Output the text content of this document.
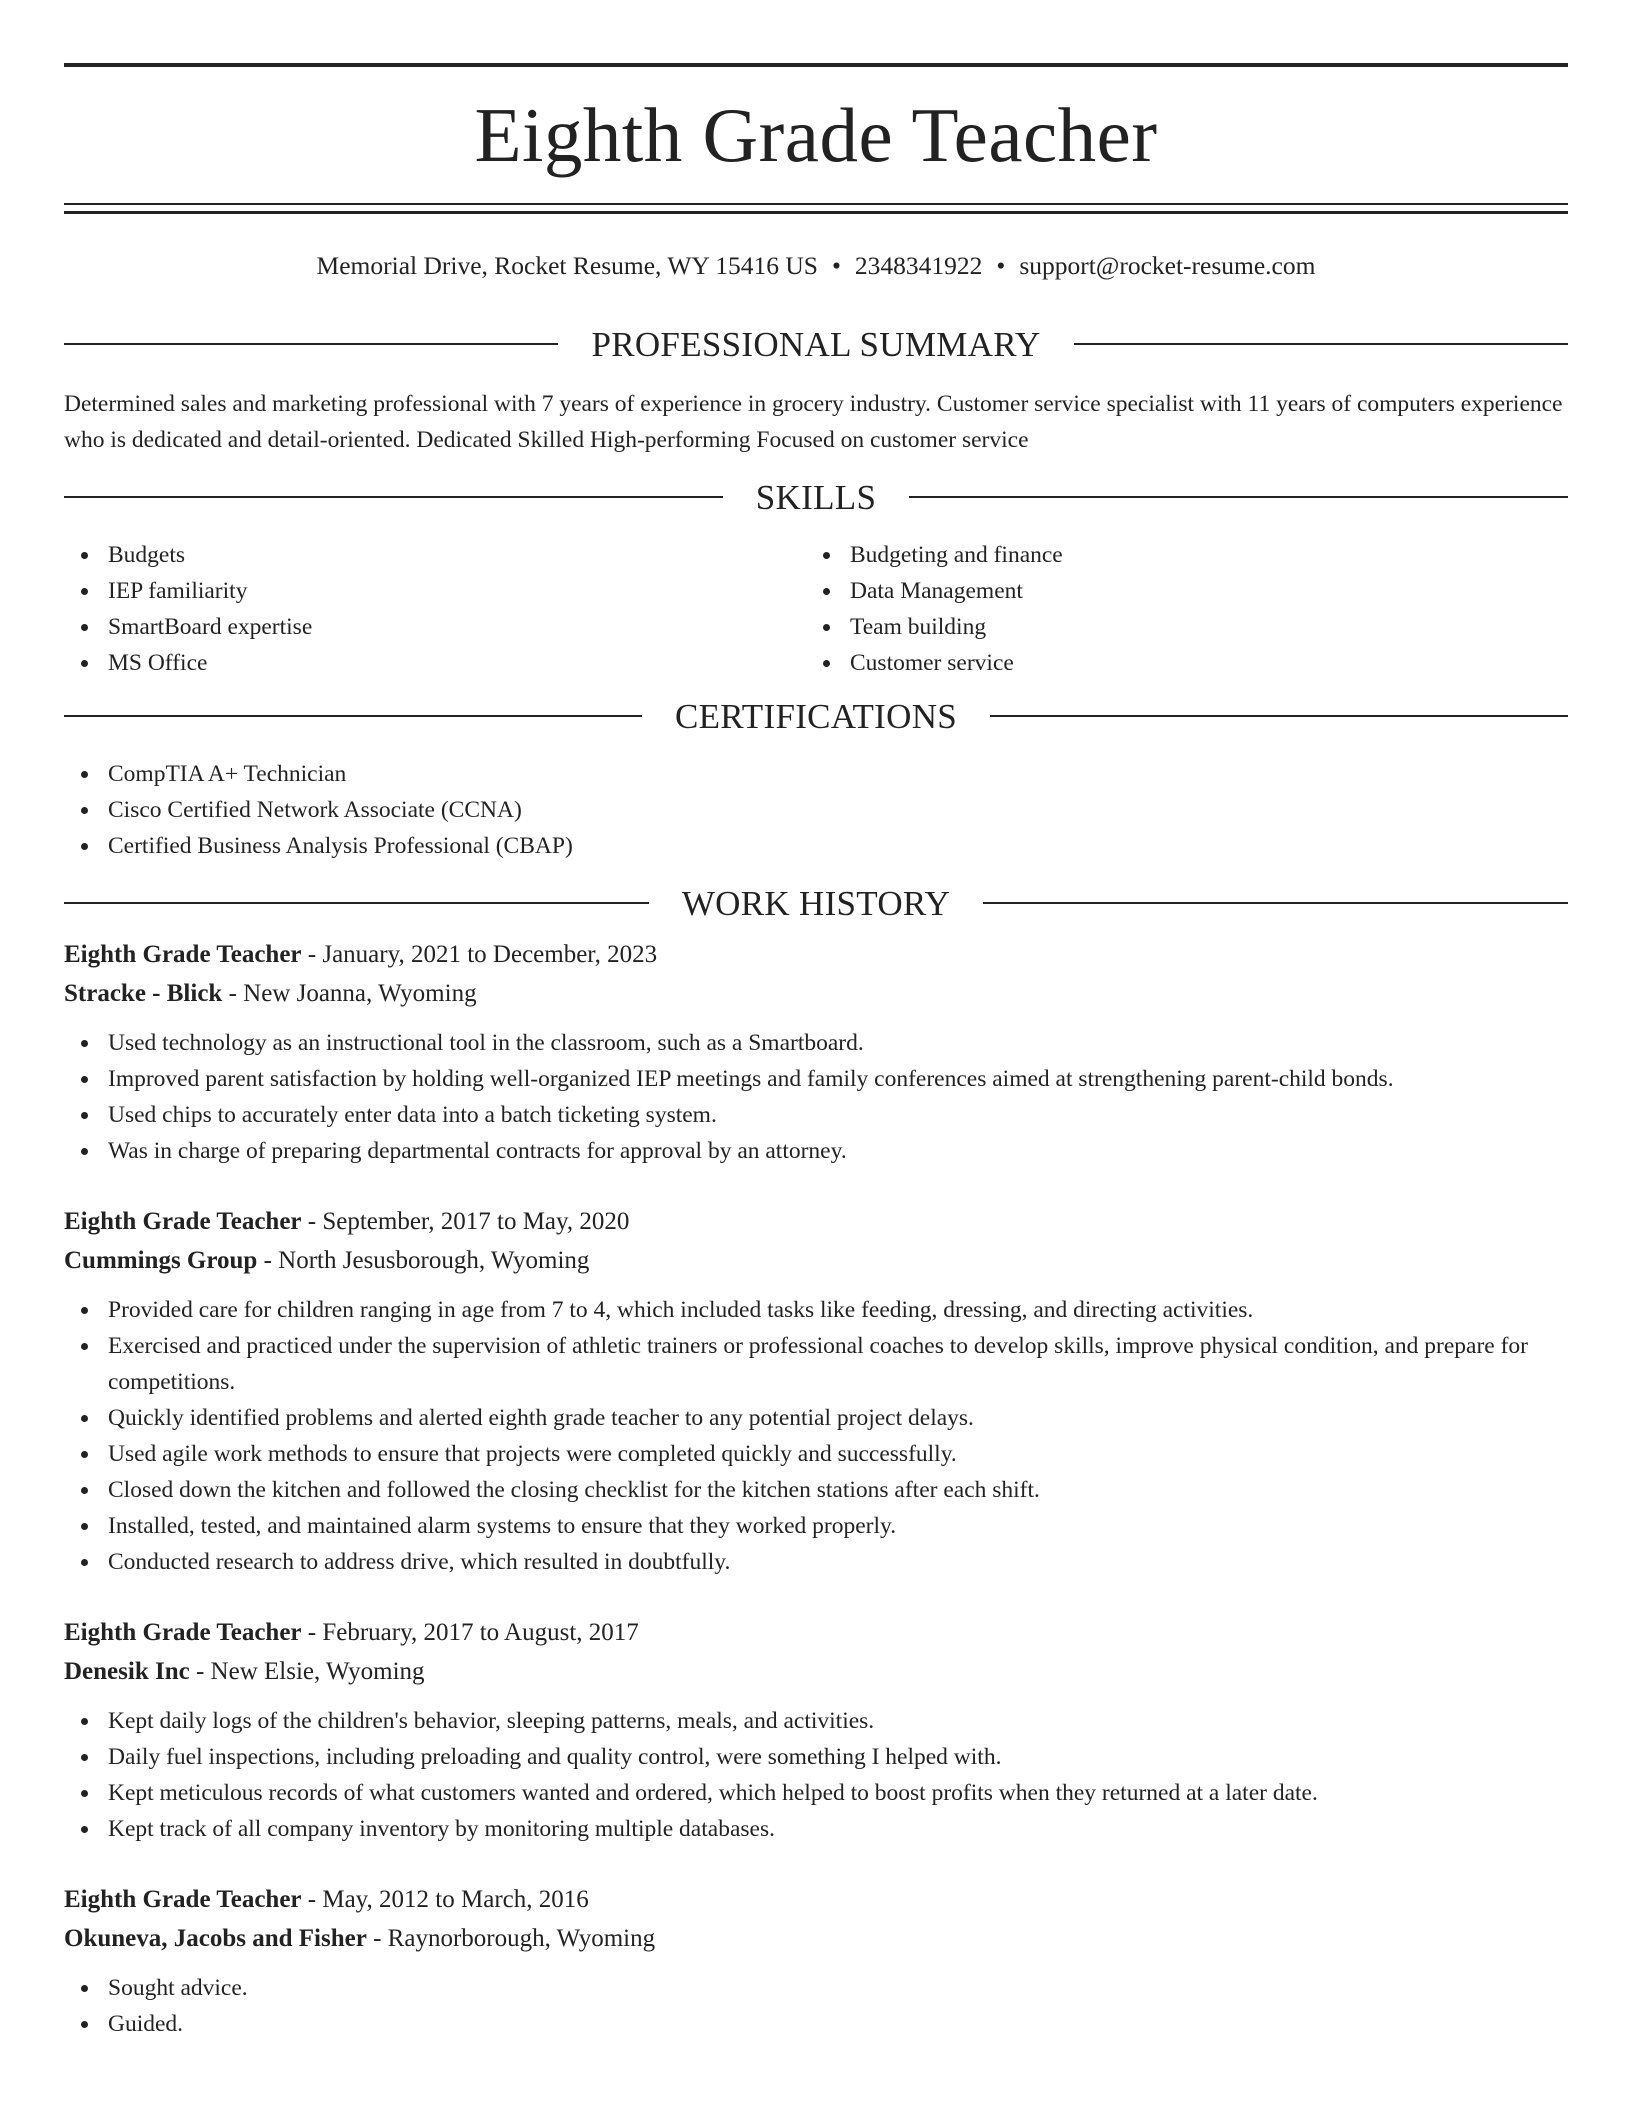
Eighth Grade Teacher
Memorial Drive, Rocket Resume, WY 15416 US • 2348341922 • support@rocket-resume.com
PROFESSIONAL SUMMARY
Determined sales and marketing professional with 7 years of experience in grocery industry. Customer service specialist with 11 years of computers experience who is dedicated and detail-oriented. Dedicated Skilled High-performing Focused on customer service
SKILLS
Budgets
IEP familiarity
SmartBoard expertise
MS Office
Budgeting and finance
Data Management
Team building
Customer service
CERTIFICATIONS
CompTIA A+ Technician
Cisco Certified Network Associate (CCNA)
Certified Business Analysis Professional (CBAP)
WORK HISTORY
Eighth Grade Teacher - January, 2021 to December, 2023
Stracke - Blick - New Joanna, Wyoming
Used technology as an instructional tool in the classroom, such as a Smartboard.
Improved parent satisfaction by holding well-organized IEP meetings and family conferences aimed at strengthening parent-child bonds.
Used chips to accurately enter data into a batch ticketing system.
Was in charge of preparing departmental contracts for approval by an attorney.
Eighth Grade Teacher - September, 2017 to May, 2020
Cummings Group - North Jesusborough, Wyoming
Provided care for children ranging in age from 7 to 4, which included tasks like feeding, dressing, and directing activities.
Exercised and practiced under the supervision of athletic trainers or professional coaches to develop skills, improve physical condition, and prepare for competitions.
Quickly identified problems and alerted eighth grade teacher to any potential project delays.
Used agile work methods to ensure that projects were completed quickly and successfully.
Closed down the kitchen and followed the closing checklist for the kitchen stations after each shift.
Installed, tested, and maintained alarm systems to ensure that they worked properly.
Conducted research to address drive, which resulted in doubtfully.
Eighth Grade Teacher - February, 2017 to August, 2017
Denesik Inc - New Elsie, Wyoming
Kept daily logs of the children's behavior, sleeping patterns, meals, and activities.
Daily fuel inspections, including preloading and quality control, were something I helped with.
Kept meticulous records of what customers wanted and ordered, which helped to boost profits when they returned at a later date.
Kept track of all company inventory by monitoring multiple databases.
Eighth Grade Teacher - May, 2012 to March, 2016
Okuneva, Jacobs and Fisher - Raynorborough, Wyoming
Sought advice.
Guided.
